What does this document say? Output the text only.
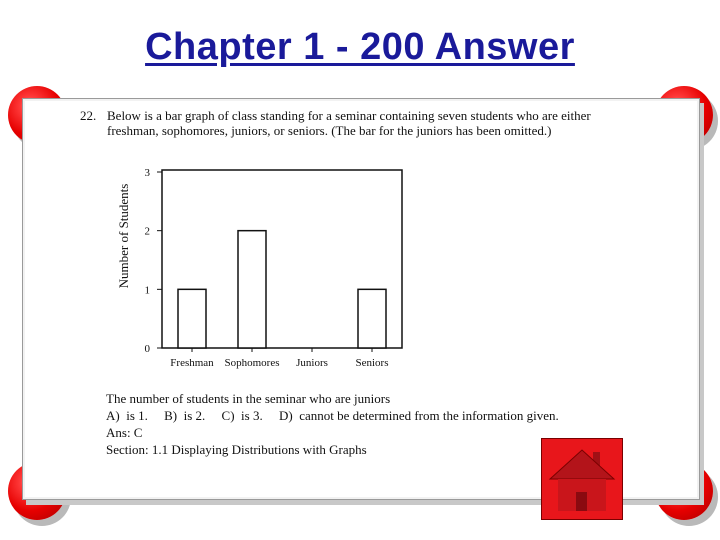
Chapter 1 - 200 Answer
22. Below is a bar graph of class standing for a seminar containing seven students who are either freshman, sophomores, juniors, or seniors. (The bar for the juniors has been omitted.)
Number of Students
0
1
2
3
Freshman Sophomores Juniors	Seniors
The number of students in the seminar who are juniors
A)  is 1.     B)  is 2.     C)  is 3.     D)  cannot be determined from the information given.
Ans: C
Section: 1.1 Displaying Distributions with Graphs
